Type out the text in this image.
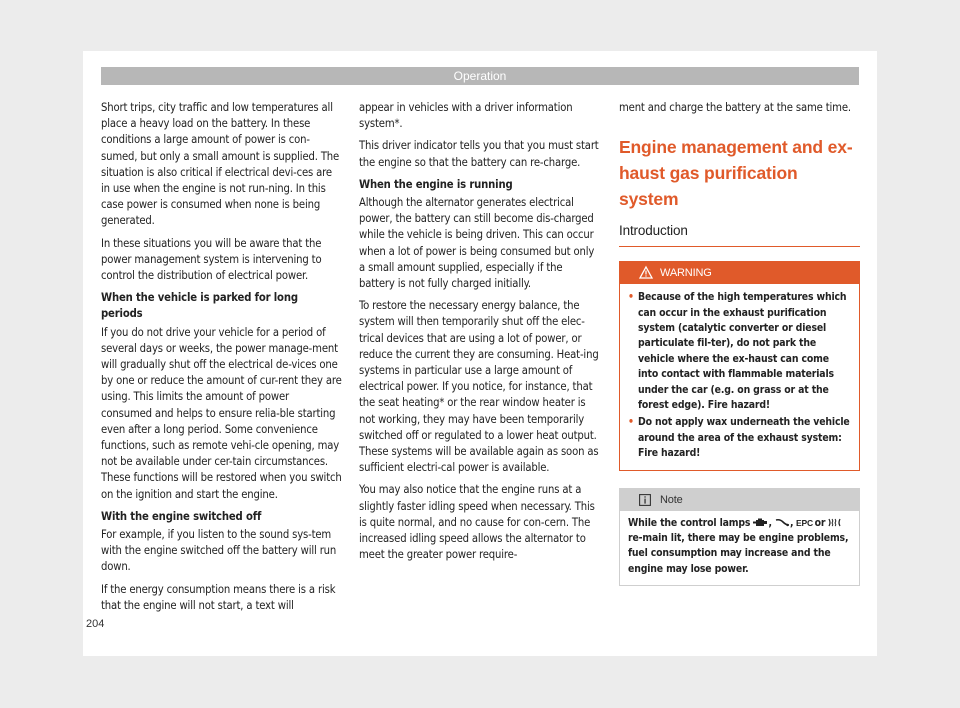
Operation

Short trips, city traffic and low temperatures all place a heavy load on the battery. In these conditions a large amount of power is con-sumed, but only a small amount is supplied. The situation is also critical if electrical devi-ces are in use when the engine is not run-ning. In this case power is consumed when none is being generated.

In these situations you will be aware that the power management system is intervening to control the distribution of electrical power.

When the vehicle is parked for long periods
If you do not drive your vehicle for a period of several days or weeks, the power manage-ment will gradually shut off the electrical de-vices one by one or reduce the amount of cur-rent they are using. This limits the amount of power consumed and helps to ensure relia-ble starting even after a long period. Some convenience functions, such as remote vehi-cle opening, may not be available under cer-tain circumstances. These functions will be restored when you switch on the ignition and start the engine.

With the engine switched off
For example, if you listen to the sound sys-tem with the engine switched off the battery will run down.

If the energy consumption means there is a risk that the engine will not start, a text will

appear in vehicles with a driver information system*.

This driver indicator tells you that you must start the engine so that the battery can re-charge.

When the engine is running
Although the alternator generates electrical power, the battery can still become dis-charged while the vehicle is being driven. This can occur when a lot of power is being consumed but only a small amount supplied, especially if the battery is not fully charged initially.

To restore the necessary energy balance, the system will then temporarily shut off the elec-trical devices that are using a lot of power, or reduce the current they are consuming. Heat-ing systems in particular use a large amount of electrical power. If you notice, for instance, that the seat heating* or the rear window heater is not working, they may have been temporarily switched off or regulated to a lower heat output. These systems will be available again as soon as sufficient electri-cal power is available.

You may also notice that the engine runs at a slightly faster idling speed when necessary. This is quite normal, and no cause for con-cern. The increased idling speed allows the alternator to meet the greater power require-

ment and charge the battery at the same time.

Engine management and ex-haust gas purification system
Introduction
WARNING
• Because of the high temperatures which can occur in the exhaust purification system (catalytic converter or diesel particulate fil-ter), do not park the vehicle where the ex-haust can come into contact with flammable materials under the car (e.g. on grass or at the forest edge). Fire hazard!
• Do not apply wax underneath the vehicle around the area of the exhaust system: Fire hazard!
Note
While the control lamps , , EPC or  re-main lit, there may be engine problems, fuel consumption may increase and the engine may lose power.
204
